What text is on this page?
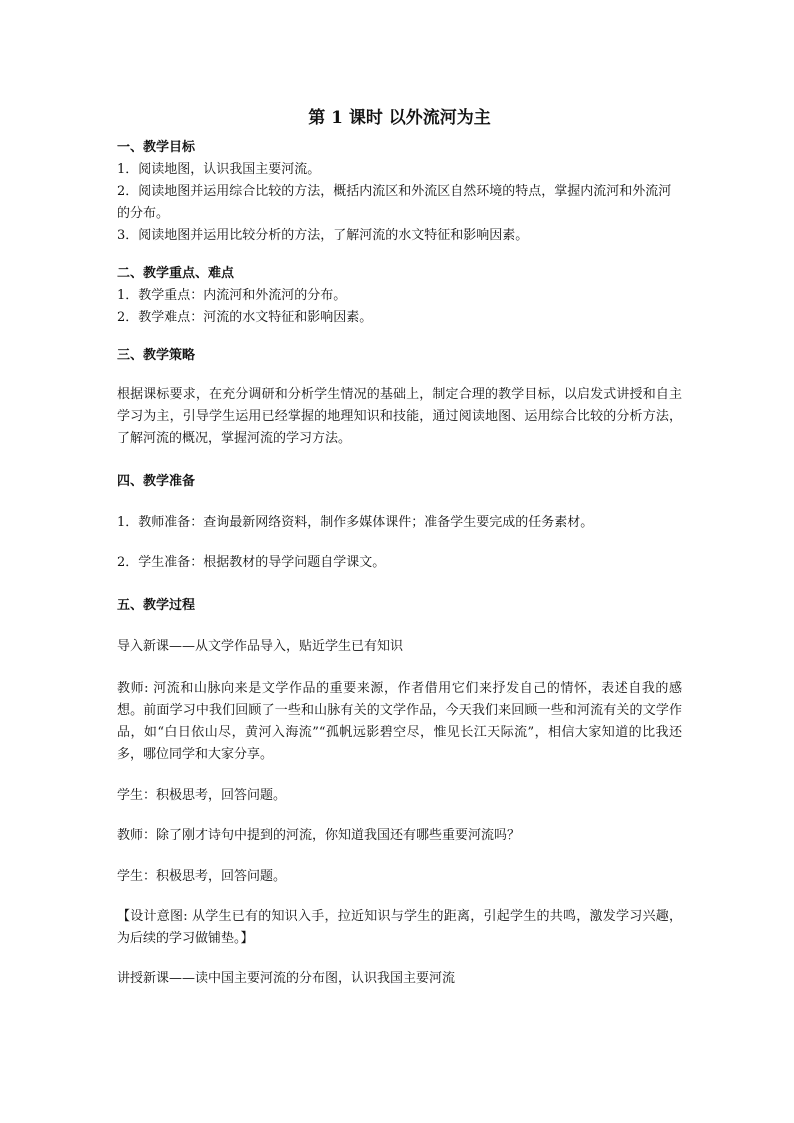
第 1 课时 以外流河为主
一、教学目标
1．阅读地图，认识我国主要河流。
2．阅读地图并运用综合比较的方法，概括内流区和外流区自然环境的特点，掌握内流河和外流河的分布。
3．阅读地图并运用比较分析的方法，了解河流的水文特征和影响因素。
二、教学重点、难点
1．教学重点：内流河和外流河的分布。
2．教学难点：河流的水文特征和影响因素。
三、教学策略
根据课标要求，在充分调研和分析学生情况的基础上，制定合理的教学目标，以启发式讲授和自主学习为主，引导学生运用已经掌握的地理知识和技能，通过阅读地图、运用综合比较的分析方法，了解河流的概况，掌握河流的学习方法。
四、教学准备
1．教师准备：查询最新网络资料，制作多媒体课件；准备学生要完成的任务素材。
2．学生准备：根据教材的导学问题自学课文。
五、教学过程
导入新课——从文学作品导入，贴近学生已有知识
教师: 河流和山脉向来是文学作品的重要来源，作者借用它们来抒发自己的情怀，表述自我的感想。前面学习中我们回顾了一些和山脉有关的文学作品，今天我们来回顾一些和河流有关的文学作品，如“白日依山尽，黄河入海流”“孤帆远影碧空尽，惟见长江天际流”，相信大家知道的比我还多，哪位同学和大家分享。
学生：积极思考，回答问题。
教师：除了刚才诗句中提到的河流，你知道我国还有哪些重要河流吗？
学生：积极思考，回答问题。
【设计意图: 从学生已有的知识入手，拉近知识与学生的距离，引起学生的共鸣，激发学习兴趣，为后续的学习做铺垫。】
讲授新课——读中国主要河流的分布图，认识我国主要河流
